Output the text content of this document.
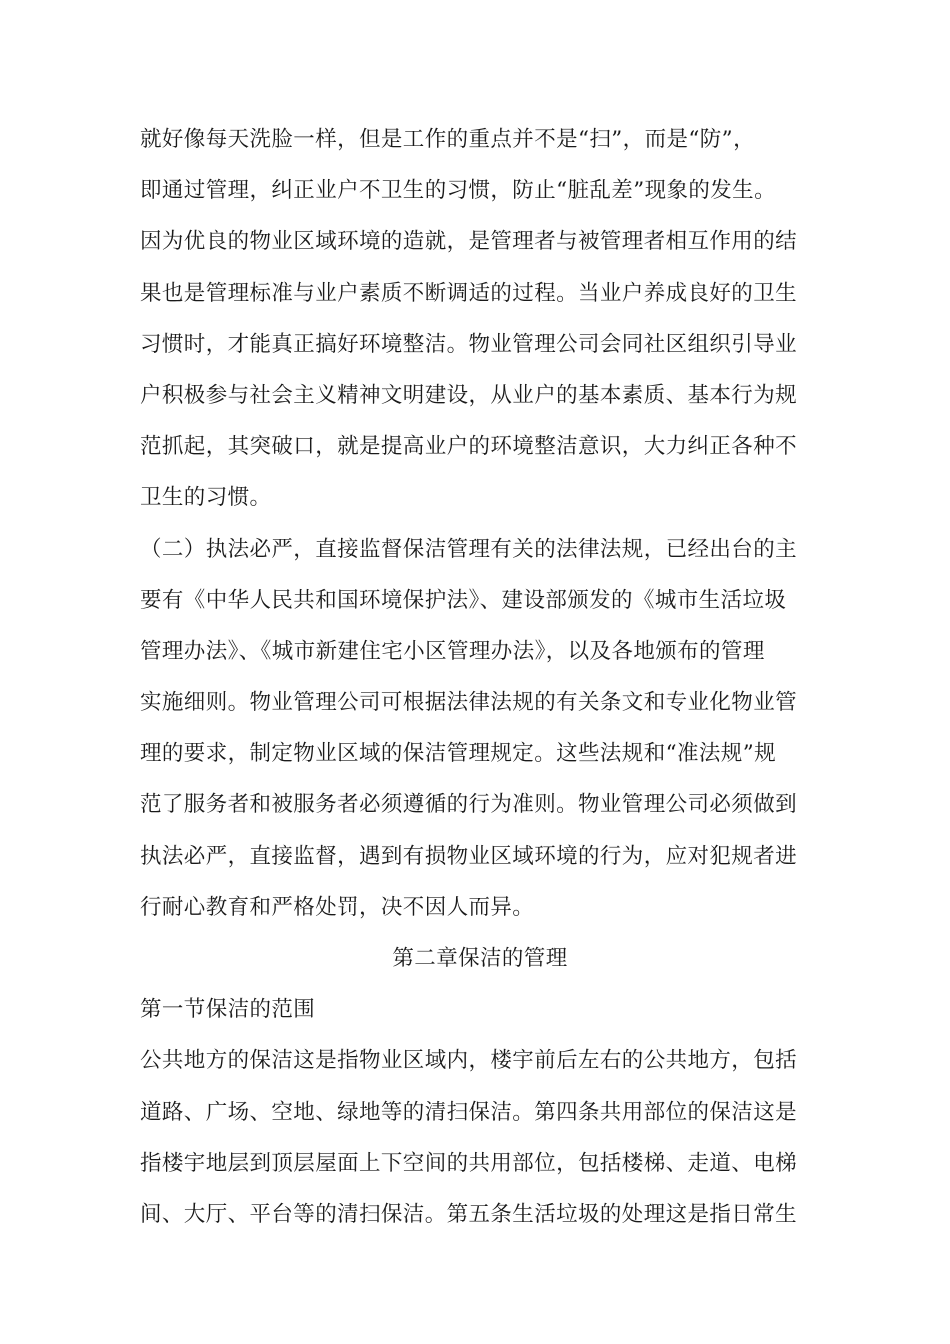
就好像每天洗脸一样，但是工作的重点并不是“扫”，而是“防”，
即通过管理，纠正业户不卫生的习惯，防止“脏乱差”现象的发生。
因为优良的物业区域环境的造就，是管理者与被管理者相互作用的结
果也是管理标准与业户素质不断调适的过程。当业户养成良好的卫生
习惯时，才能真正搞好环境整洁。物业管理公司会同社区组织引导业
户积极参与社会主义精神文明建设，从业户的基本素质、基本行为规
范抓起，其突破口，就是提高业户的环境整洁意识，大力纠正各种不
卫生的习惯。
（二）执法必严，直接监督保洁管理有关的法律法规，已经出台的主
要有《中华人民共和国环境保护法》、建设部颁发的《城市生活垃圾
管理办法》、《城市新建住宅小区管理办法》，以及各地颁布的管理
实施细则。物业管理公司可根据法律法规的有关条文和专业化物业管
理的要求，制定物业区域的保洁管理规定。这些法规和“准法规”规
范了服务者和被服务者必须遵循的行为准则。物业管理公司必须做到
执法必严，直接监督，遇到有损物业区域环境的行为，应对犯规者进
行耐心教育和严格处罚，决不因人而异。
第二章保洁的管理
第一节保洁的范围
公共地方的保洁这是指物业区域内，楼宇前后左右的公共地方，包括
道路、广场、空地、绿地等的清扫保洁。第四条共用部位的保洁这是
指楼宇地层到顶层屋面上下空间的共用部位，包括楼梯、走道、电梯
间、大厅、平台等的清扫保洁。第五条生活垃圾的处理这是指日常生
